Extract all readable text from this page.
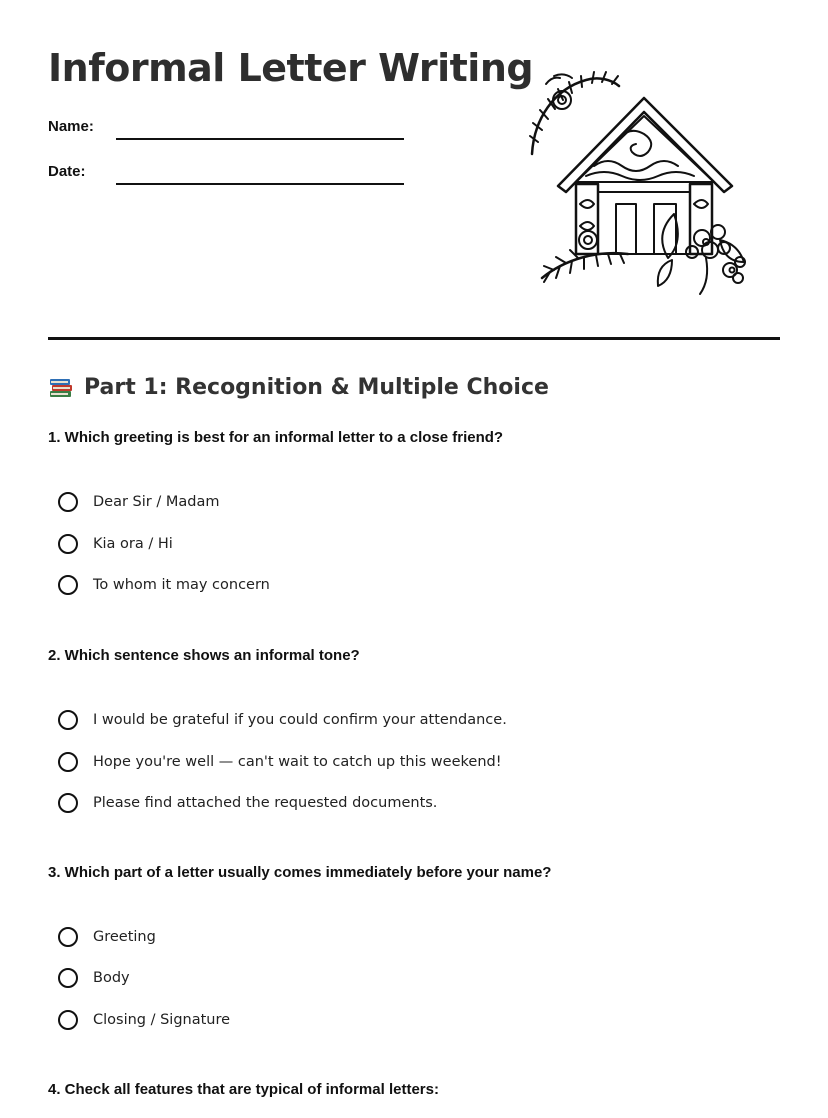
Informal Letter Writing
Name:
Date:
Part 1: Recognition & Multiple Choice

1. Which greeting is best for an informal letter to a close friend?

Dear Sir / Madam
Kia ora / Hi
To whom it may concern

2. Which sentence shows an informal tone?

I would be grateful if you could confirm your attendance.
Hope you're well — can't wait to catch up this weekend!
Please find attached the requested documents.

3. Which part of a letter usually comes immediately before your name?

Greeting
Body
Closing / Signature

4. Check all features that are typical of informal letters:
